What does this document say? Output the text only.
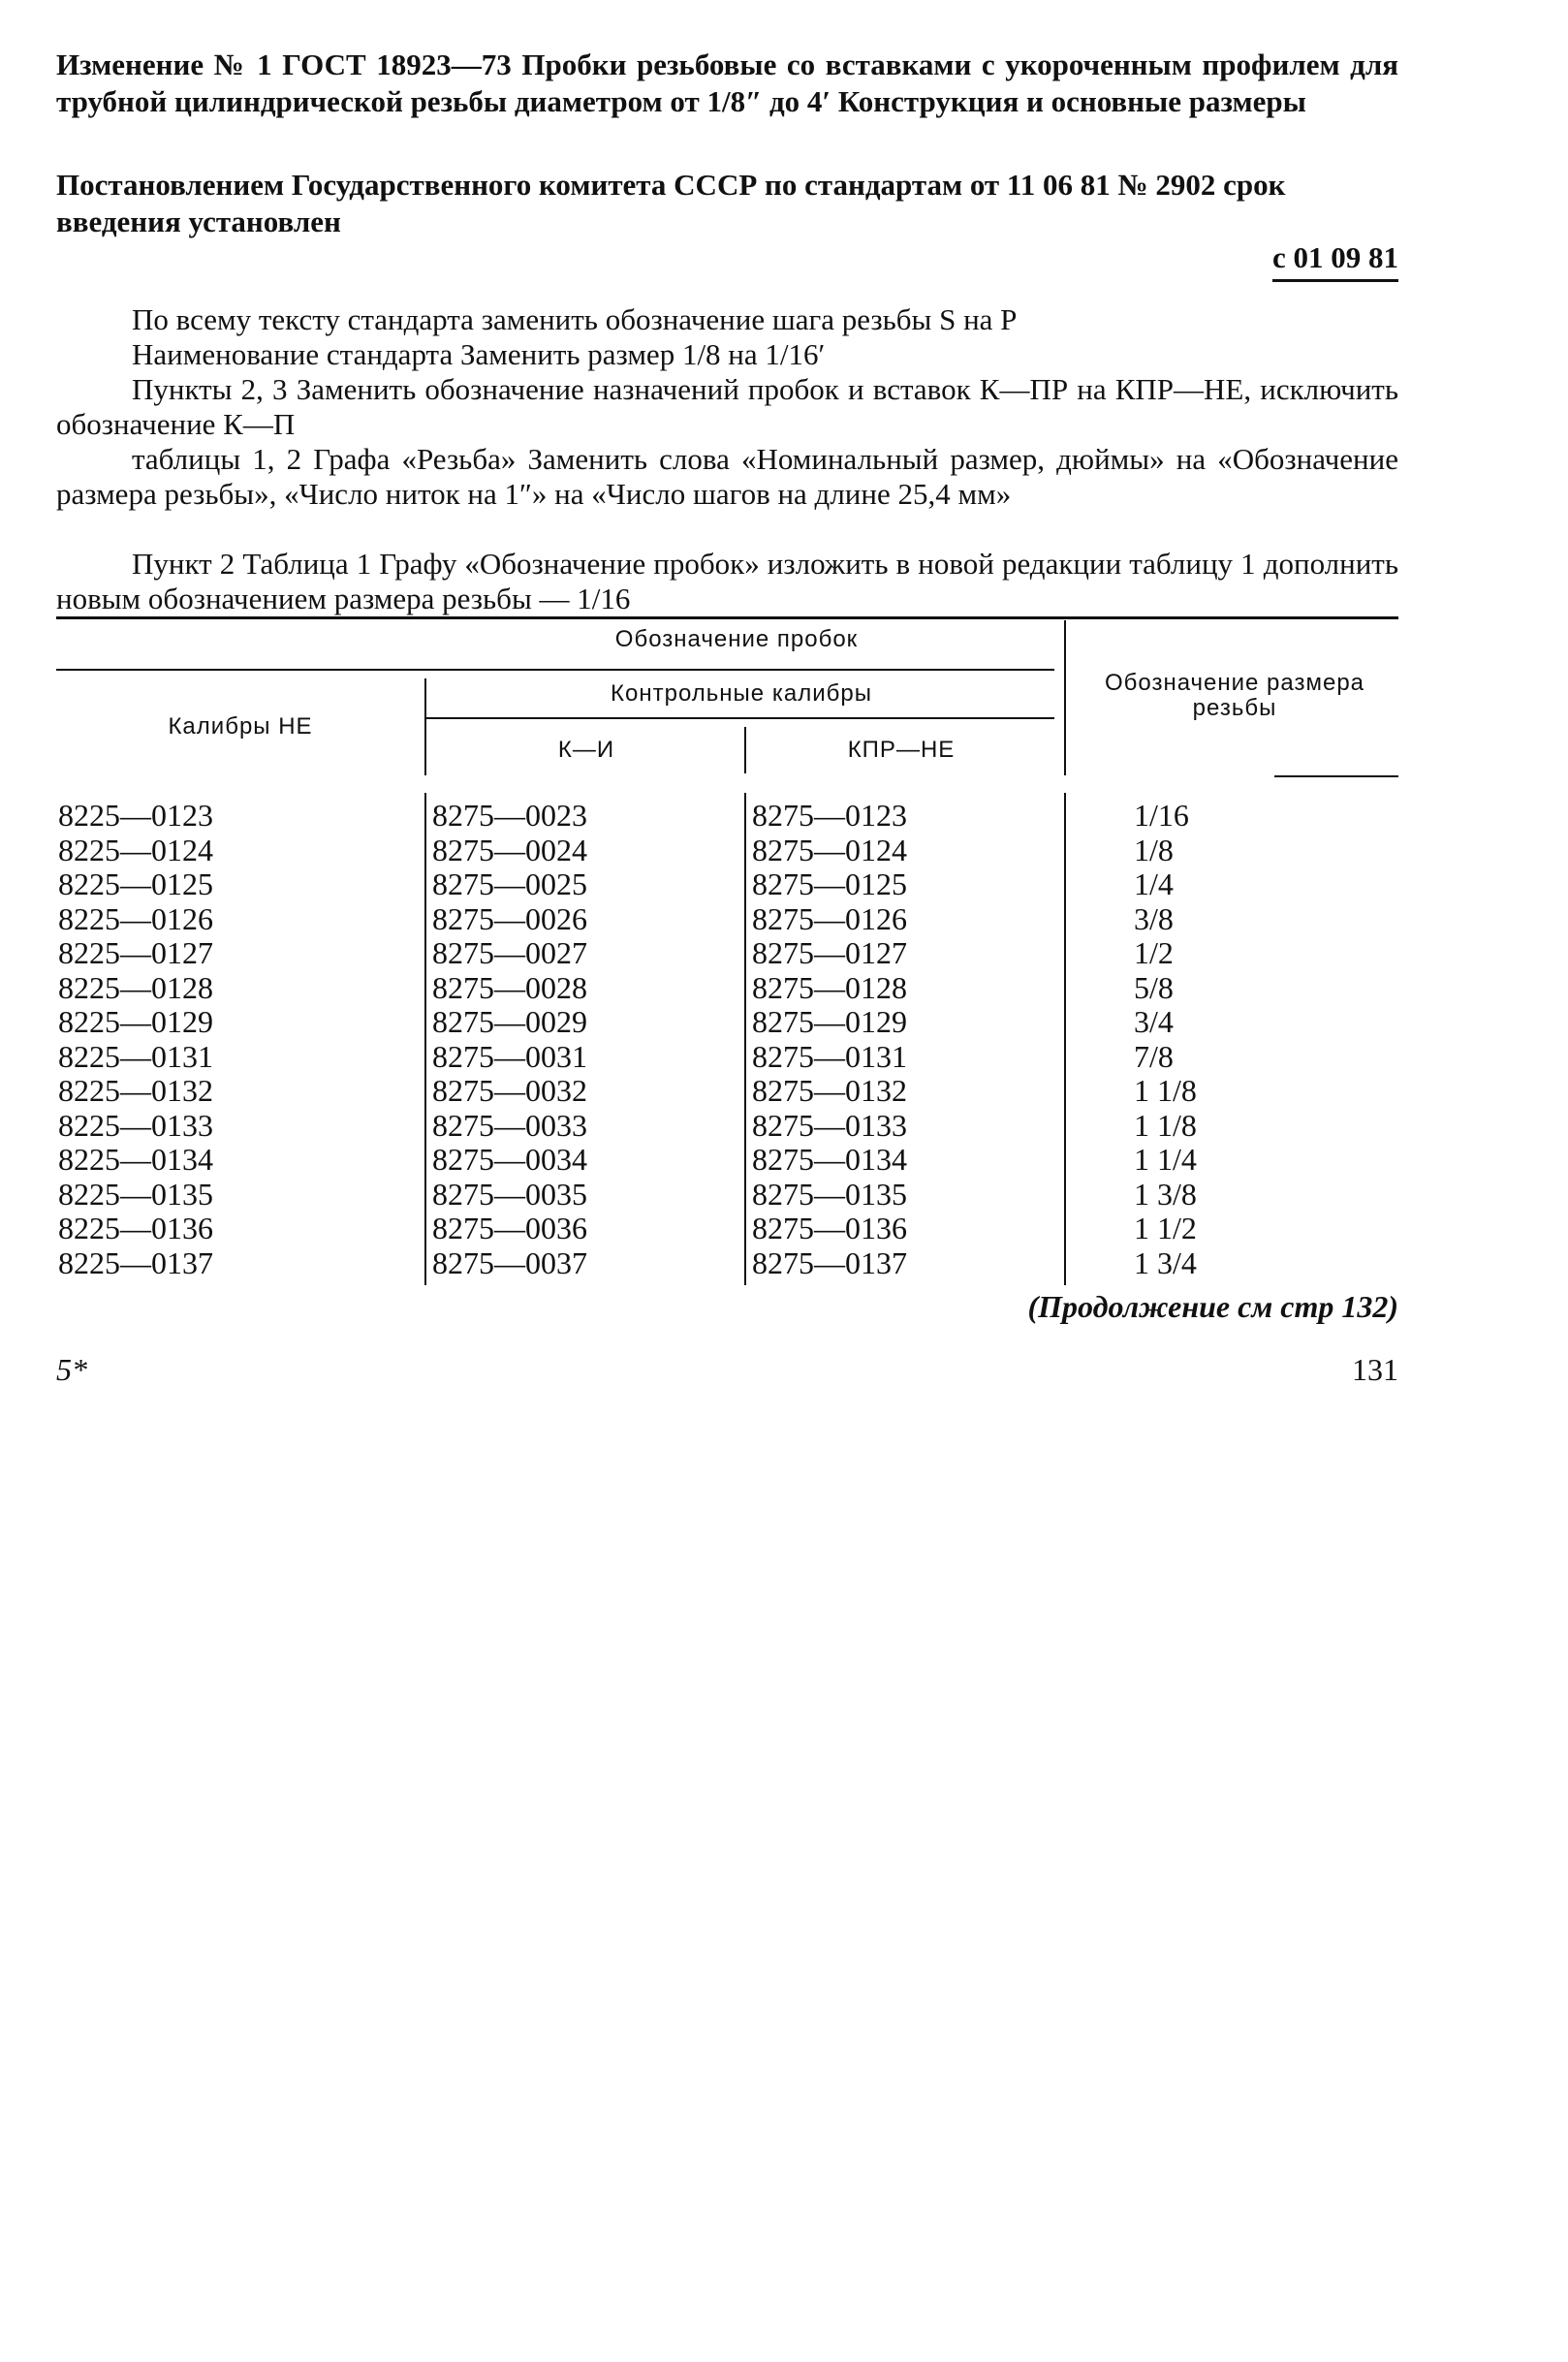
Изменение № 1 ГОСТ 18923—73 Пробки резьбовые со вставками с укороченным профилем для трубной цилиндрической резьбы диаметром от 1/8″ до 4′ Конструкция и основные размеры
Постановлением Государственного комитета СССР по стандартам от 11 06 81 № 2902 срок введения установлен
с 01 09 81
По всему тексту стандарта заменить обозначение шага резьбы S на P
Наименование стандарта Заменить размер 1/8 на 1/16′
Пункты 2, 3 Заменить обозначение назначений пробок и вставок К—ПР на КПР—НЕ, исключить обозначение К—П
таблицы 1, 2 Графа «Резьба» Заменить слова «Номинальный размер, дюймы» на «Обозначение размера резьбы», «Число ниток на 1″» на «Число шагов на длине 25,4 мм»
Пункт 2 Таблица 1 Графу «Обозначение пробок» изложить в новой редакции таблицу 1 дополнить новым обозначением размера резьбы — 1/16
Обозначение пробок
Контрольные калибры
Калибры НЕ
К—И	КПР—НЕ
Обозначение размера резьбы
8225—0123
8225—0124
8225—0125
8225—0126
8225—0127
8225—0128
8225—0129
8225—0131
8225—0132
8225—0133
8225—0134
8225—0135
8225—0136
8225—0137
8275—0023
8275—0024
8275—0025
8275—0026
8275—0027
8275—0028
8275—0029
8275—0031
8275—0032
8275—0033
8275—0034
8275—0035
8275—0036
8275—0037
8275—0123
8275—0124
8275—0125
8275—0126
8275—0127
8275—0128
8275—0129
8275—0131
8275—0132
8275—0133
8275—0134
8275—0135
8275—0136
8275—0137
1/16
1/8
1/4
3/8
1/2
5/8
3/4
7/8
1 1/8
1 1/8
1 1/4
1 3/8
1 1/2
1 3/4
(Продолжение см стр 132)
5*	131
